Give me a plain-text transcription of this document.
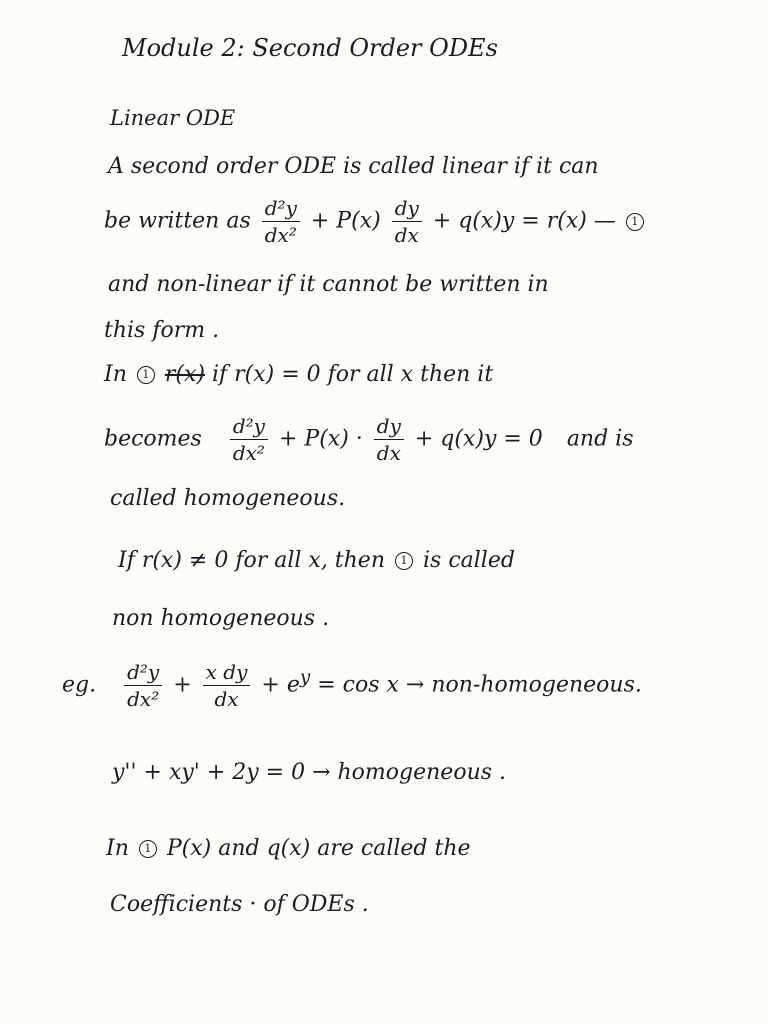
Module 2: Second Order ODEs
Linear ODE
A second order ODE is called linear if it can
be written as $\frac{\text{d²y}}{\text{dx²}} + P(x) \frac{dy}{dx} + q(x)y = r(x)$ — 1
and non-linear if it cannot be written in
this form .
In 1 r(x) if r(x) = 0 for all x then it
becomes $\frac{\text{d²y}}{\text{dx²}} + P(x) \cdot \frac{dy}{dx} + q(x)y = 0$ and is
called homogeneous.
If r(x) ≠ 0 for all x, then 1 is called
non homogeneous .
eg. $\frac{\text{d²y}}{\text{dx²}} + \frac{\text{x dy}}{dx} + e^y = \cos x$ → non-homogeneous.
y'' + xy' + 2y = 0 → homogeneous .
In 1 P(x) and q(x) are called the
Coefficients · of ODEs .
